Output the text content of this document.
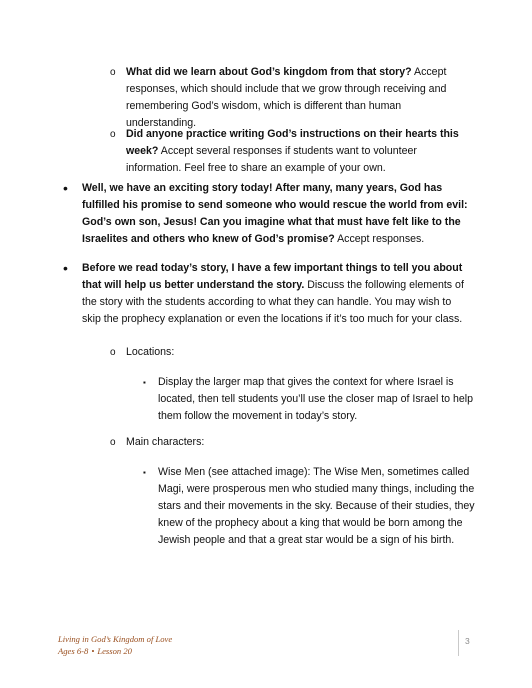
o What did we learn about God’s kingdom from that story? Accept responses, which should include that we grow through receiving and remembering God’s wisdom, which is different than human understanding.

o Did anyone practice writing God’s instructions on their hearts this week? Accept several responses if students want to volunteer information. Feel free to share an example of your own.

• Well, we have an exciting story today! After many, many years, God has fulfilled his promise to send someone who would rescue the world from evil: God’s own son, Jesus! Can you imagine what that must have felt like to the Israelites and others who knew of God’s promise? Accept responses.

• Before we read today’s story, I have a few important things to tell you about that will help us better understand the story. Discuss the following elements of the story with the students according to what they can handle. You may wish to skip the prophecy explanation or even the locations if it’s too much for your class.

o Locations:
▪ Display the larger map that gives the context for where Israel is located, then tell students you’ll use the closer map of Israel to help them follow the movement in today’s story.
o Main characters:
▪ Wise Men (see attached image): The Wise Men, sometimes called Magi, were prosperous men who studied many things, including the stars and their movements in the sky. Because of their studies, they knew of the prophecy about a king that would be born among the Jewish people and that a great star would be a sign of his birth.
Living in God’s Kingdom of Love
Ages 6-8 • Lesson 20
3
